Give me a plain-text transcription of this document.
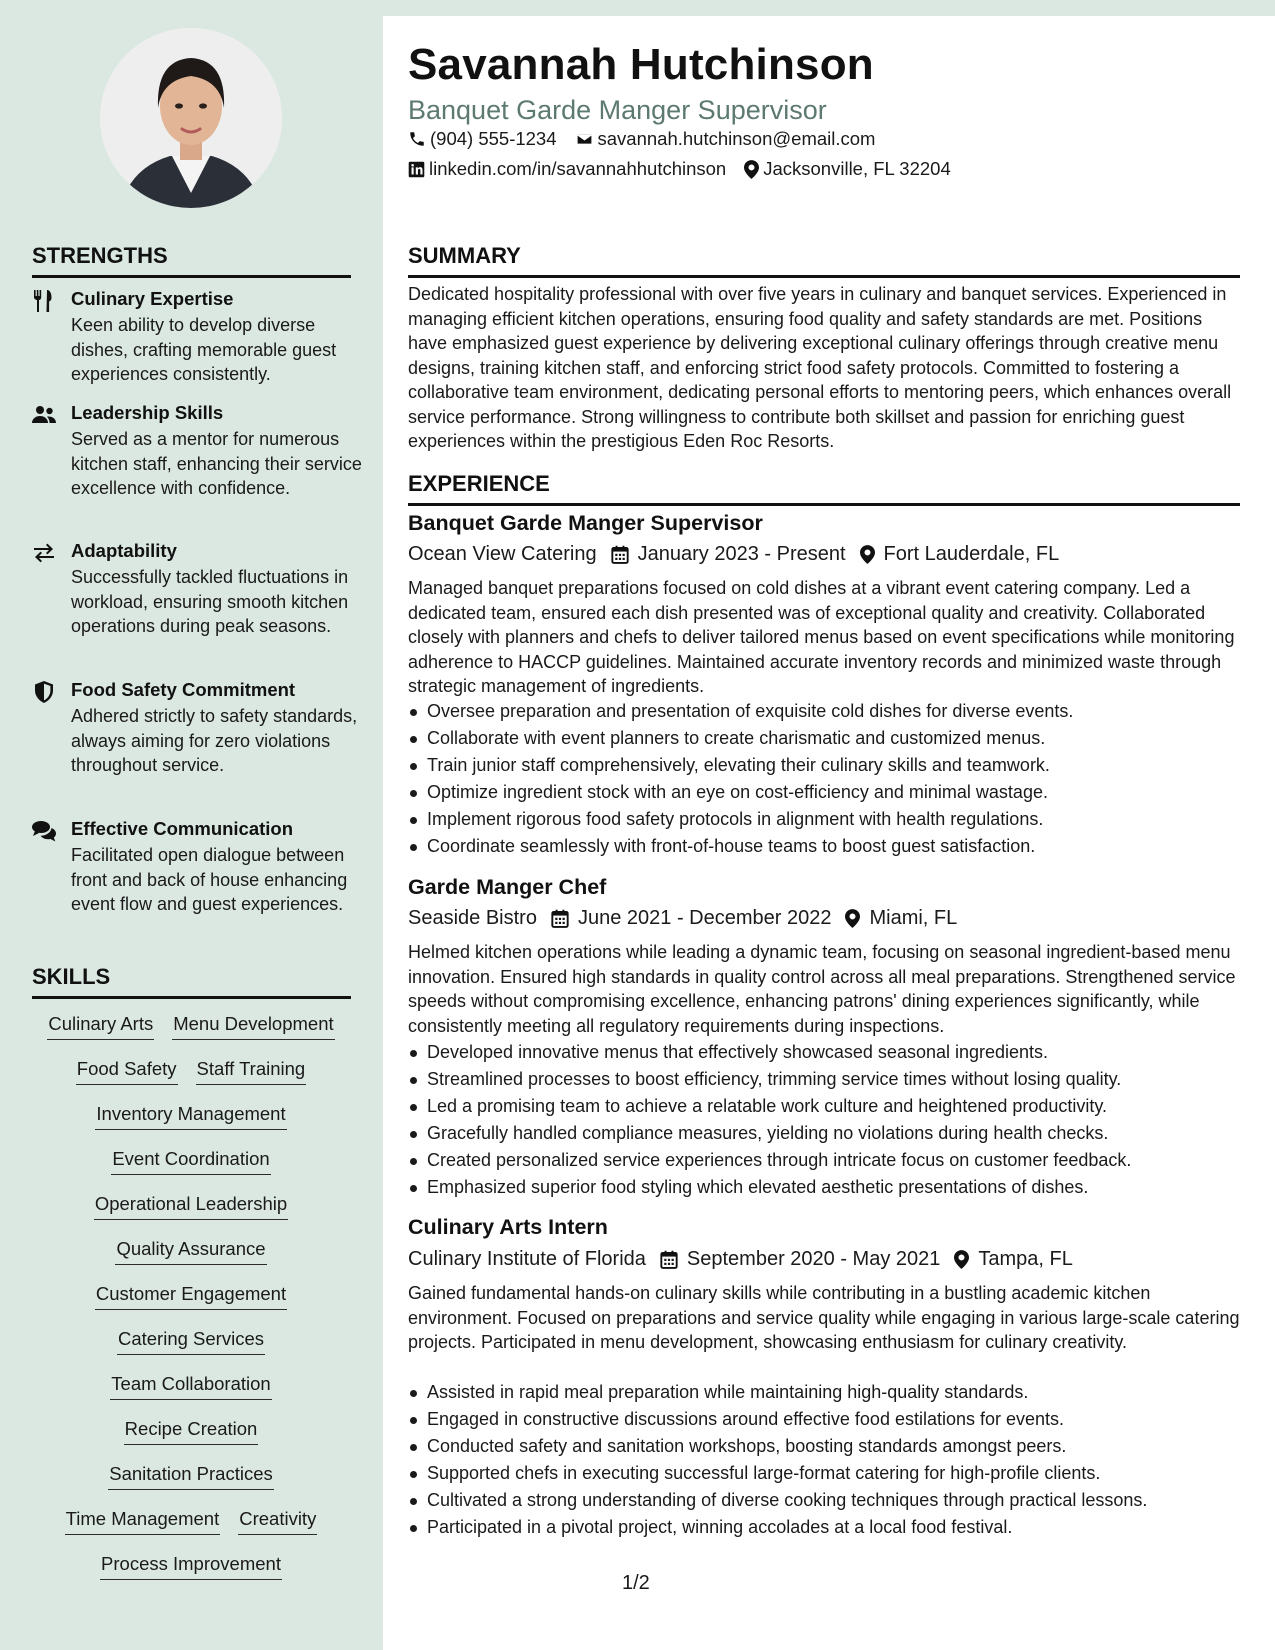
Savannah Hutchinson
Banquet Garde Manger Supervisor
(904) 555-1234 savannah.hutchinson@email.com
linkedin.com/in/savannahhutchinson Jacksonville, FL 32204
STRENGTHS
Culinary Expertise
Keen ability to develop diverse dishes, crafting memorable guest experiences consistently.
Leadership Skills
Served as a mentor for numerous kitchen staff, enhancing their service excellence with confidence.
Adaptability
Successfully tackled fluctuations in workload, ensuring smooth kitchen operations during peak seasons.
Food Safety Commitment
Adhered strictly to safety standards, always aiming for zero violations throughout service.
Effective Communication
Facilitated open dialogue between front and back of house enhancing event flow and guest experiences.
SKILLS
Culinary Arts Menu Development
Food Safety Staff Training
Inventory Management
Event Coordination
Operational Leadership
Quality Assurance
Customer Engagement
Catering Services
Team Collaboration
Recipe Creation
Sanitation Practices
Time Management Creativity
Process Improvement
SUMMARY
Dedicated hospitality professional with over five years in culinary and banquet services. Experienced in managing efficient kitchen operations, ensuring food quality and safety standards are met. Positions have emphasized guest experience by delivering exceptional culinary offerings through creative menu designs, training kitchen staff, and enforcing strict food safety protocols. Committed to fostering a collaborative team environment, dedicating personal efforts to mentoring peers, which enhances overall service performance. Strong willingness to contribute both skillset and passion for enriching guest experiences within the prestigious Eden Roc Resorts.
EXPERIENCE
Banquet Garde Manger Supervisor
Ocean View Catering January 2023 - Present Fort Lauderdale, FL
Managed banquet preparations focused on cold dishes at a vibrant event catering company. Led a dedicated team, ensured each dish presented was of exceptional quality and creativity. Collaborated closely with planners and chefs to deliver tailored menus based on event specifications while monitoring adherence to HACCP guidelines. Maintained accurate inventory records and minimized waste through strategic management of ingredients.
Oversee preparation and presentation of exquisite cold dishes for diverse events.
Collaborate with event planners to create charismatic and customized menus.
Train junior staff comprehensively, elevating their culinary skills and teamwork.
Optimize ingredient stock with an eye on cost-efficiency and minimal wastage.
Implement rigorous food safety protocols in alignment with health regulations.
Coordinate seamlessly with front-of-house teams to boost guest satisfaction.
Garde Manger Chef
Seaside Bistro June 2021 - December 2022 Miami, FL
Helmed kitchen operations while leading a dynamic team, focusing on seasonal ingredient-based menu innovation. Ensured high standards in quality control across all meal preparations. Strengthened service speeds without compromising excellence, enhancing patrons' dining experiences significantly, while consistently meeting all regulatory requirements during inspections.
Developed innovative menus that effectively showcased seasonal ingredients.
Streamlined processes to boost efficiency, trimming service times without losing quality.
Led a promising team to achieve a relatable work culture and heightened productivity.
Gracefully handled compliance measures, yielding no violations during health checks.
Created personalized service experiences through intricate focus on customer feedback.
Emphasized superior food styling which elevated aesthetic presentations of dishes.
Culinary Arts Intern
Culinary Institute of Florida September 2020 - May 2021 Tampa, FL
Gained fundamental hands-on culinary skills while contributing in a bustling academic kitchen environment. Focused on preparations and service quality while engaging in various large-scale catering projects. Participated in menu development, showcasing enthusiasm for culinary creativity.
Assisted in rapid meal preparation while maintaining high-quality standards.
Engaged in constructive discussions around effective food estilations for events.
Conducted safety and sanitation workshops, boosting standards amongst peers.
Supported chefs in executing successful large-format catering for high-profile clients.
Cultivated a strong understanding of diverse cooking techniques through practical lessons.
Participated in a pivotal project, winning accolades at a local food festival.
1/2
